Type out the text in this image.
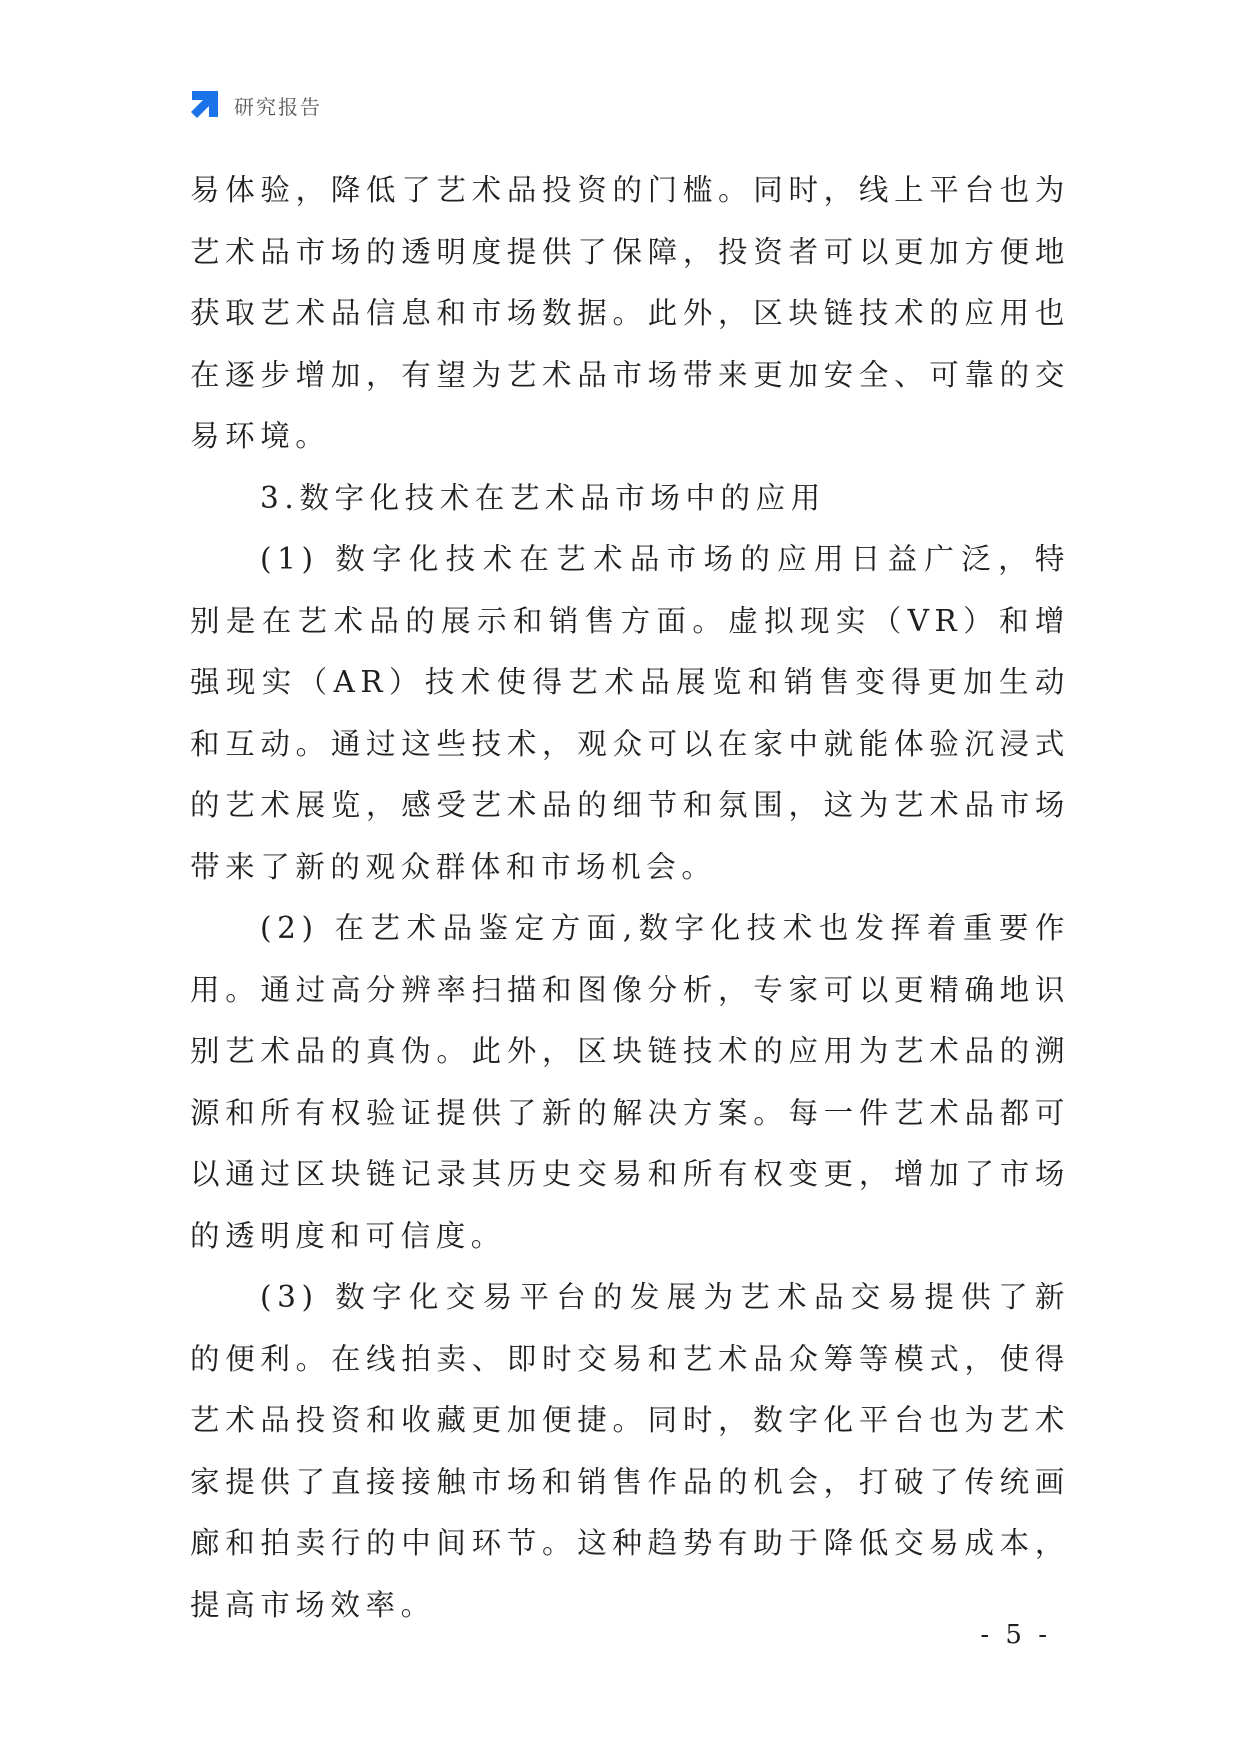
研究报告

易体验，降低了艺术品投资的门槛。同时，线上平台也为艺术品市场的透明度提供了保障，投资者可以更加方便地获取艺术品信息和市场数据。此外，区块链技术的应用也在逐步增加，有望为艺术品市场带来更加安全、可靠的交易环境。

3.数字化技术在艺术品市场中的应用

(1) 数字化技术在艺术品市场的应用日益广泛，特别是在艺术品的展示和销售方面。虚拟现实（VR）和增强现实（AR）技术使得艺术品展览和销售变得更加生动和互动。通过这些技术，观众可以在家中就能体验沉浸式的艺术展览，感受艺术品的细节和氛围，这为艺术品市场带来了新的观众群体和市场机会。

(2) 在艺术品鉴定方面,数字化技术也发挥着重要作用。通过高分辨率扫描和图像分析，专家可以更精确地识别艺术品的真伪。此外，区块链技术的应用为艺术品的溯源和所有权验证提供了新的解决方案。每一件艺术品都可以通过区块链记录其历史交易和所有权变更，增加了市场的透明度和可信度。

(3) 数字化交易平台的发展为艺术品交易提供了新的便利。在线拍卖、即时交易和艺术品众筹等模式，使得艺术品投资和收藏更加便捷。同时，数字化平台也为艺术家提供了直接接触市场和销售作品的机会，打破了传统画廊和拍卖行的中间环节。这种趋势有助于降低交易成本，提高市场效率。

- 5 -
